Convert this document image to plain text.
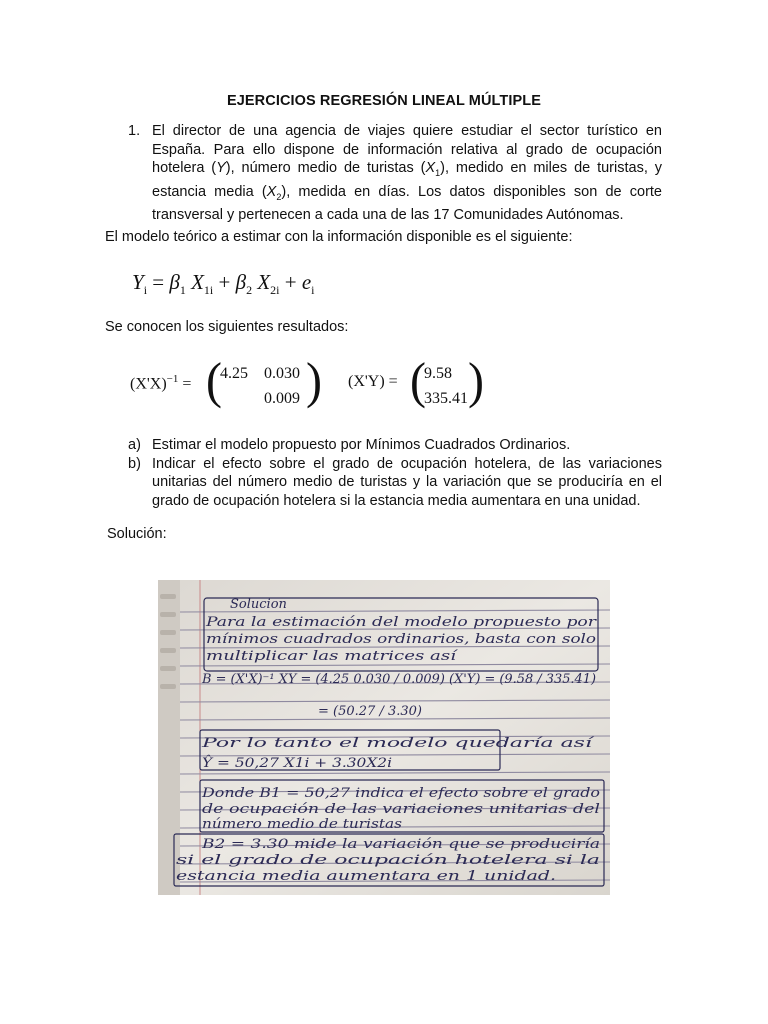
EJERCICIOS REGRESIÓN LINEAL MÚLTIPLE
1. El director de una agencia de viajes quiere estudiar el sector turístico en España. Para ello dispone de información relativa al grado de ocupación hotelera (Y), número medio de turistas $(X_1)$, medido en miles de turistas, y estancia media $(X_2)$, medida en días. Los datos disponibles son de corte transversal y pertenecen a cada una de las 17 Comunidades Autónomas.
El modelo teórico a estimar con la información disponible es el siguiente:
$Y_i = \beta_1$ $X_{1i} + \beta_2$ $X_{2i} + e_i$
Se conocen los siguientes resultados:
$(X'X)^{-1}$ = (
4.25 0.030
0.009 ) (X'Y) = (
9.58
335.41 )
a) Estimar el modelo propuesto por Mínimos Cuadrados Ordinarios.
b) Indicar el efecto sobre el grado de ocupación hotelera, de las variaciones unitarias del número medio de turistas y la variación que se produciría en el grado de ocupación hotelera si la estancia media aumentara en una unidad.
Solución:
Solucion
Para la estimación del modelo propuesto por
mínimos cuadrados ordinarios, basta con solo
multiplicar las matrices así
B = (X'X)⁻¹ XY = (4.25 0.030 / 0.009) (X'Y) = (9.58 / 335.41)
= (50.27 / 3.30)
Por lo tanto el modelo quedaría así
Ŷ = 50,27 X1i + 3.30X2i
Donde B1 = 50,27 indica el efecto sobre el grado
de ocupación de las variaciones unitarias del
número medio de turistas
B2 = 3.30 mide la variación que se produciría
si el grado de ocupación hotelera si la
estancia media aumentara en 1 unidad.
